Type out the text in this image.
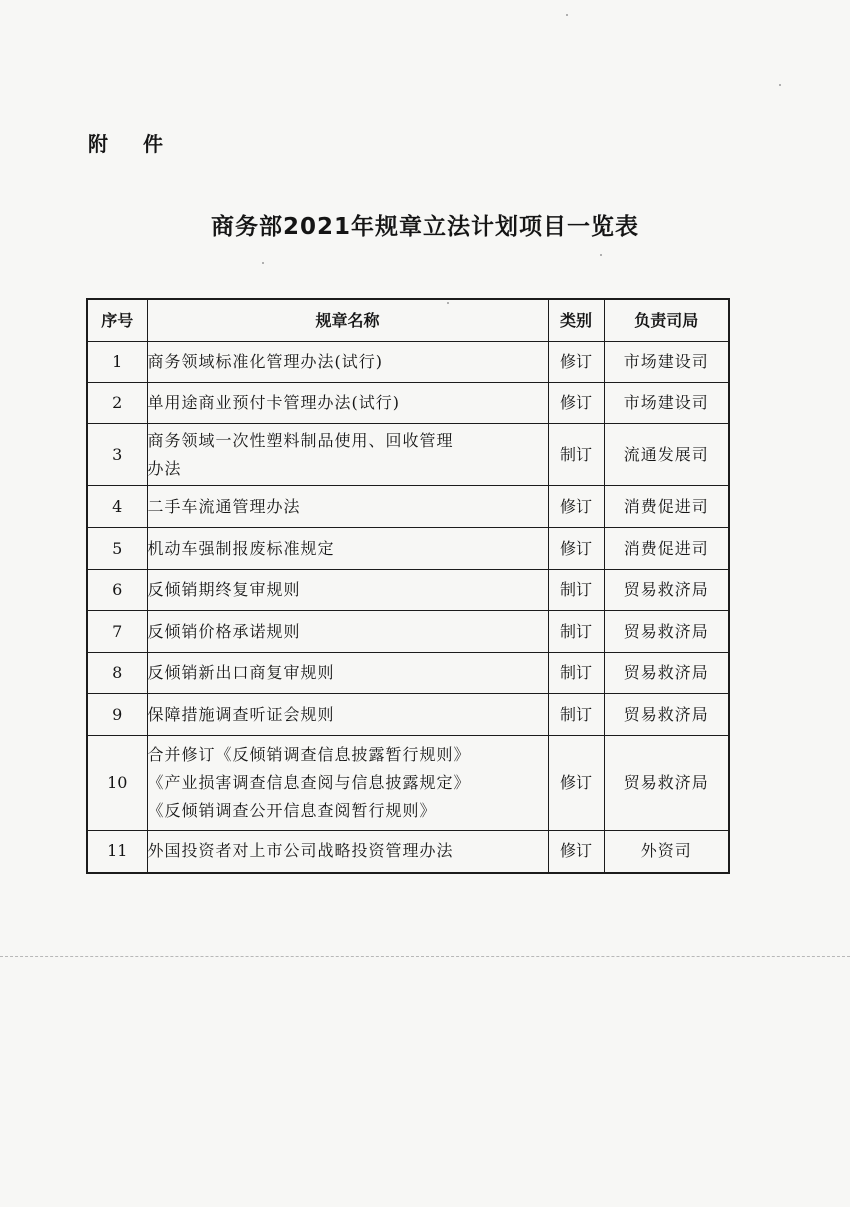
附 件
商务部2021年规章立法计划项目一览表
序号	规章名称	类别	负责司局
1	商务领域标准化管理办法(试行)	修订	市场建设司
2	单用途商业预付卡管理办法(试行)	修订	市场建设司
3	商务领域一次性塑料制品使用、回收管理
办法	制订	流通发展司
4	二手车流通管理办法	修订	消费促进司
5	机动车强制报废标准规定	修订	消费促进司
6	反倾销期终复审规则	制订	贸易救济局
7	反倾销价格承诺规则	制订	贸易救济局
8	反倾销新出口商复审规则	制订	贸易救济局
9	保障措施调查听证会规则	制订	贸易救济局
10	合并修订《反倾销调查信息披露暂行规则》
《产业损害调查信息查阅与信息披露规定》
《反倾销调查公开信息查阅暂行规则》	修订	贸易救济局
11	外国投资者对上市公司战略投资管理办法	修订	外资司
